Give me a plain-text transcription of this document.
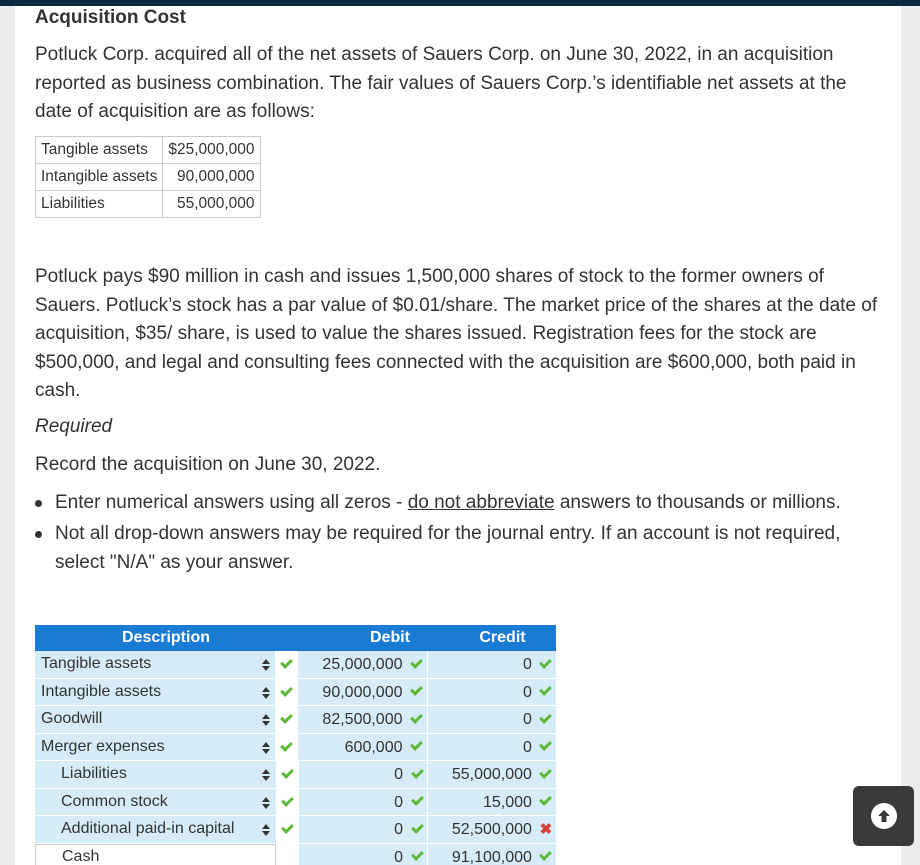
Acquisition Cost

Potluck Corp. acquired all of the net assets of Sauers Corp. on June 30, 2022, in an acquisition reported as business combination. The fair values of Sauers Corp.’s identifiable net assets at the date of acquisition are as follows:

Tangible assets	$25,000,000
Intangible assets	90,000,000
Liabilities	55,000,000

Potluck pays $90 million in cash and issues 1,500,000 shares of stock to the former owners of Sauers. Potluck’s stock has a par value of $0.01/share. The market price of the shares at the date of acquisition, $35/ share, is used to value the shares issued. Registration fees for the stock are $500,000, and legal and consulting fees connected with the acquisition are $600,000, both paid in cash.

Required

Record the acquisition on June 30, 2022.

Enter numerical answers using all zeros - do not abbreviate answers to thousands or millions.
Not all drop-down answers may be required for the journal entry. If an account is not required, select "N/A" as your answer.
Description	Debit	Credit
Tangible assets	25,000,000	0
Intangible assets	90,000,000	0
Goodwill	82,500,000	0
Merger expenses	600,000	0
Liabilities	0	55,000,000
Common stock	0	15,000
Additional paid-in capital	0	52,500,000 ✖
Cash	0	91,100,000
